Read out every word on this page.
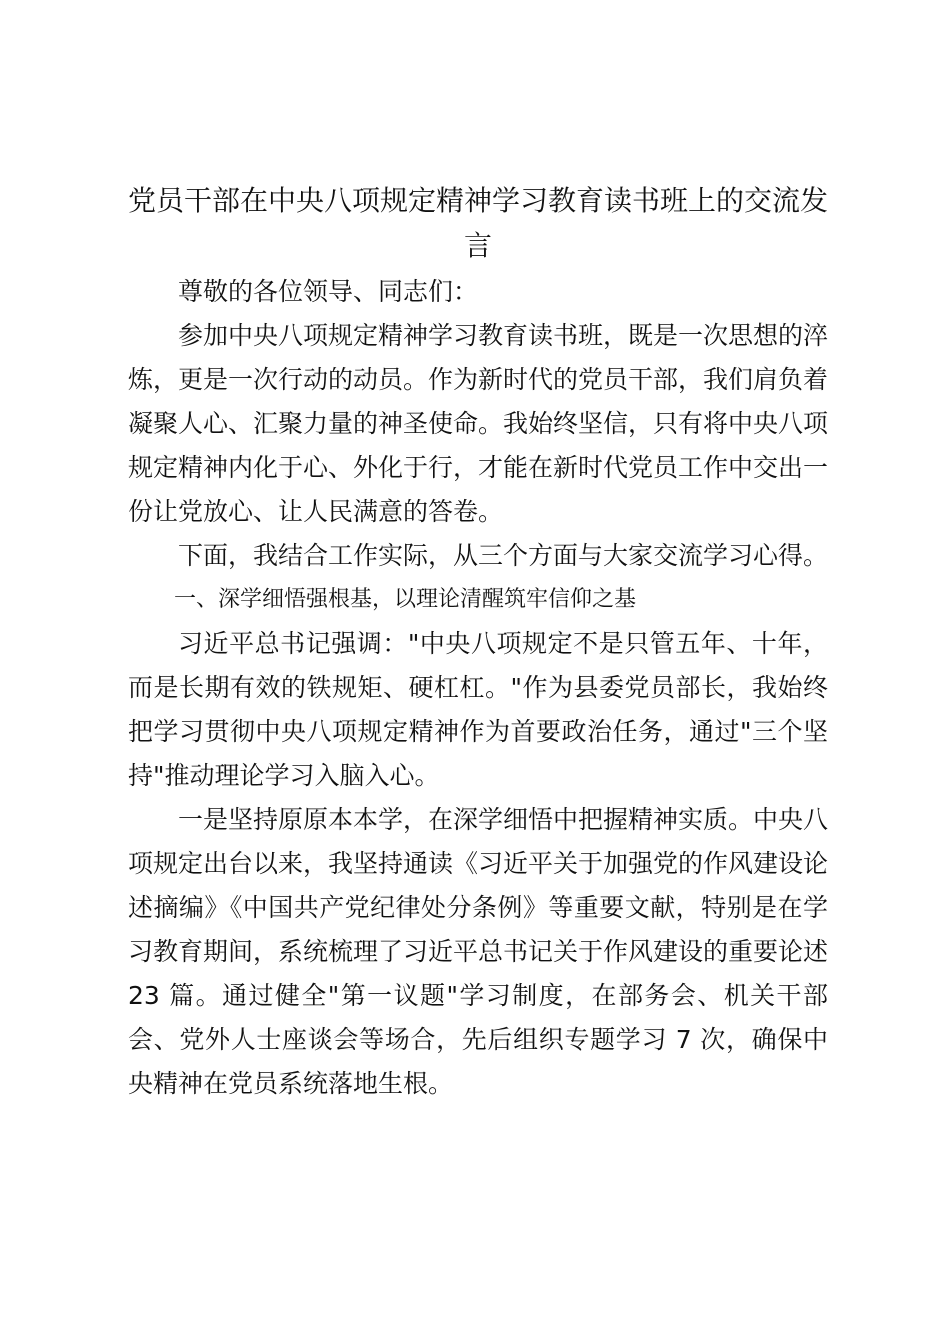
党员干部在中央八项规定精神学习教育读书班上的交流发言

尊敬的各位领导、同志们：

参加中央八项规定精神学习教育读书班，既是一次思想的淬炼，更是一次行动的动员。作为新时代的党员干部，我们肩负着凝聚人心、汇聚力量的神圣使命。我始终坚信，只有将中央八项规定精神内化于心、外化于行，才能在新时代党员工作中交出一份让党放心、让人民满意的答卷。

下面，我结合工作实际，从三个方面与大家交流学习心得。

一、深学细悟强根基，以理论清醒筑牢信仰之基

习近平总书记强调："中央八项规定不是只管五年、十年，而是长期有效的铁规矩、硬杠杠。"作为县委党员部长，我始终把学习贯彻中央八项规定精神作为首要政治任务，通过"三个坚持"推动理论学习入脑入心。

一是坚持原原本本学，在深学细悟中把握精神实质。中央八项规定出台以来，我坚持通读《习近平关于加强党的作风建设论述摘编》《中国共产党纪律处分条例》等重要文献，特别是在学习教育期间，系统梳理了习近平总书记关于作风建设的重要论述 23 篇。通过健全"第一议题"学习制度，在部务会、机关干部会、党外人士座谈会等场合，先后组织专题学习 7 次，确保中央精神在党员系统落地生根。
